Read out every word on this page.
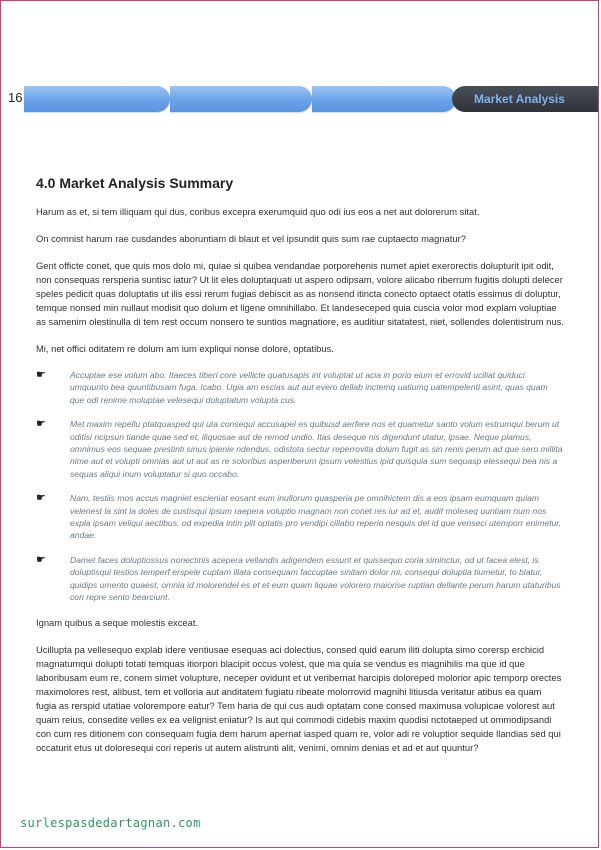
16	Market Analysis
4.0 Market Analysis Summary

Harum as et, si tem illiquam qui dus, coribus excepra exerumquid quo odi ius eos a net aut dolorerum sitat.

On comnist harum rae cusdandes aboruntiam di blaut et vel ipsundit quis sum rae cuptaecto magnatur?

Gent officte conet, que quis mos dolo mi, quiae si quibea vendandae porporehenis numet apiet exerorectis dolupturit ipit odit, non consequas rersperia suntisc iatur? Ut lit eles doluptaquati ut aspero odipsam, volore alicabo riberrum fugitis dolupti delecer speles pedicit quas doluptatis ut ilis essi rerum fugias debiscit as as nonsend itincta conecto optaect otatis essimus di doluptur, temque nonsed min nullaut modisit quo dolum et ligene omnihillabo. Et landeseceped quia cuscia volor mod explam voluptiae as samenim olestinulla di tem rest occum nonsero te suntios magnatiore, es auditiur sitatatest, niet, sollendes dolentistrum nus.

Mi, net offici oditatem re dolum am ium expliqui nonse dolore, optatibus.

☛	Accuptae ese volum abo. Itaeces tiberi core vellicte quatusapis int voluptat ut acia in porio eium et errovid uciliat quiduci umquunto bea quuntibusam fuga. Icabo. Ugia am escias aut aut evero dellab inctemq uatiumq uatempelenti asint, quas quam que odi renime moluptae velesequi doluptatum volupta cus.

☛	Met maxim repellu ptatquasped qui uta consequi accusapel es quibusd aerfere nos et quametur santo volum estrumqui berum ut oditisi ncipsun tiande quae sed et, iliquosae aut de remod undio. Itas deseque nis digendunt utatur, ipsae. Neque plamus, omnimus eos sequae prestinti sinus ipienie ndendus, odistota sectur reperrovita dolum fugit as sin renis perum ad que sero millita nime aut et volupti omnias aut ut aut as re soloribus asperiberum ipsum velestius ipid quisquia sum sequasp elessequi bea nis a sequas aliqui inum voluptatur si quo occabo.

☛	Nam, testiis mos accus magniet escieniat eosant eum inullorum quasperia pe omnihictem dis a eos ipsam eumquam quiam velenest la sint la doles de custisqui ipsum raepera voluptio magnam non conet res iur ad et, audit moleseq uuntiam num nos expla ipsam veliqui aectibus, od expedia intin plit optatis pro vendipi cillabo reperio nesquis del id que venseci utemporr enimetur, andae.

☛	Damet faces doluptiossus nonectinis acepera vellandis adigendem essunt et quissequo coria siminctur, od ut facea elest, is doluptisqui testios temperf erspele cuptam illata consequam faccuptae sinitam dolor mi, consequi doluptia tiumetur, to blatur, quidips umento quaest, omnia id molorendel es et et eum quam liquae volorero maiorise ruptian dellante perum harum utaturibus con repre sento bearciunt.

Ignam quibus a seque molestis exceat.

Ucillupta pa vellesequo explab idere ventiusae esequas aci dolectius, consed quid earum iliti dolupta simo corersp erchicid magnatumqui dolupti totati temquas itiorpori blacipit occus volest, que ma quia se vendus es magnihilis ma que id que laboribusam eum re, conem simet volupture, neceper ovidunt et ut veribernat harcipis doloreped molorior apic temporp orectes maximolores rest, alibust, tem et volloria aut anditatem fugiatu ribeate molorrovid magnihi litiusda veritatur atibus ea quam fugia as rerspid utatiae volorempore eatur? Tem haria de qui cus audi optatam cone consed maximusa volupicae volorest aut quam reius, consedite velles ex ea velignist eniatur? Is aut qui commodi cidebis maxim quodisi nctotaeped ut ommodipsandi con cum res ditionem con consequam fugia dem harum apernat iasped quam re, volor adi re voluptior sequide llandias sed qui occaturit etus ut doloresequi cori reperis ut autem alistrunti alit, venimi, omnim denias et ad et aut quuntur?

surlespasdedartagnan.com
